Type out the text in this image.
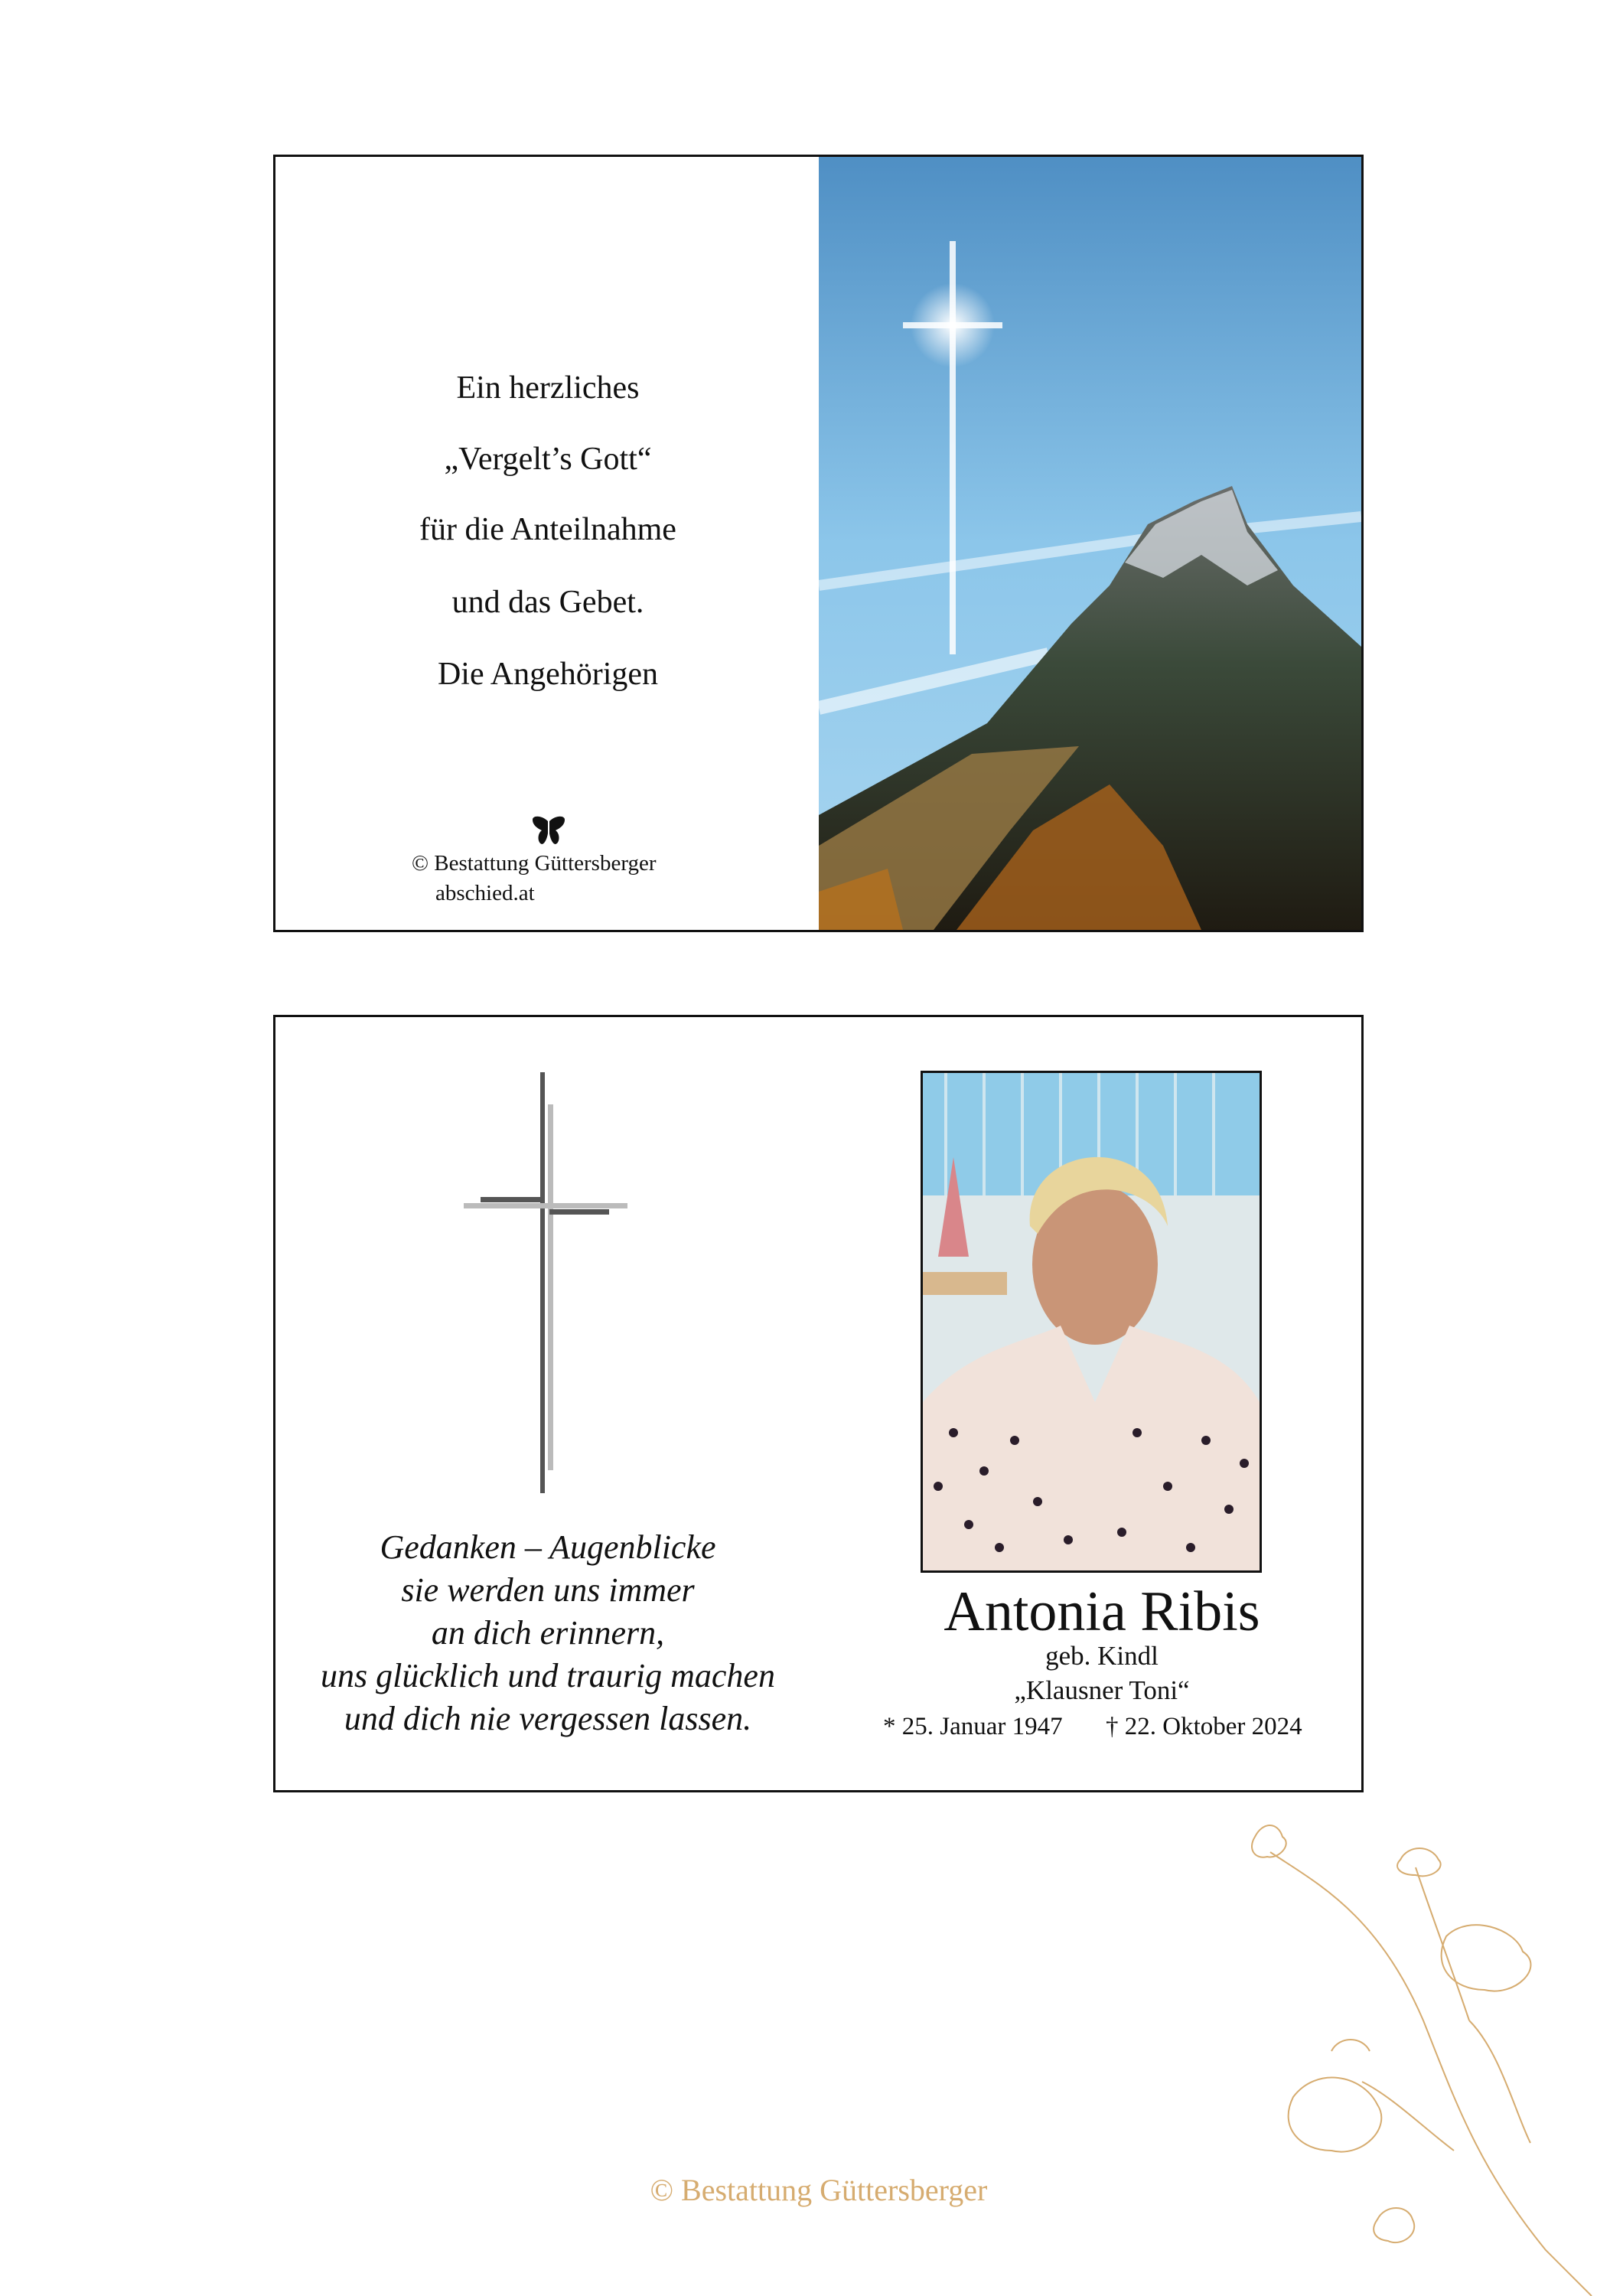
Ein herzliches
„Vergelt’s Gott“
für die Anteilnahme
und das Gebet.
Die Angehörigen
© Bestattung Güttersberger
abschied.at
Gedanken – Augenblicke
sie werden uns immer
an dich erinnern,
uns glücklich und traurig machen
und dich nie vergessen lassen.
Antonia Ribis
geb. Kindl
„Klausner Toni“
* 25. Januar 1947 † 22. Oktober 2024
© Bestattung Güttersberger
